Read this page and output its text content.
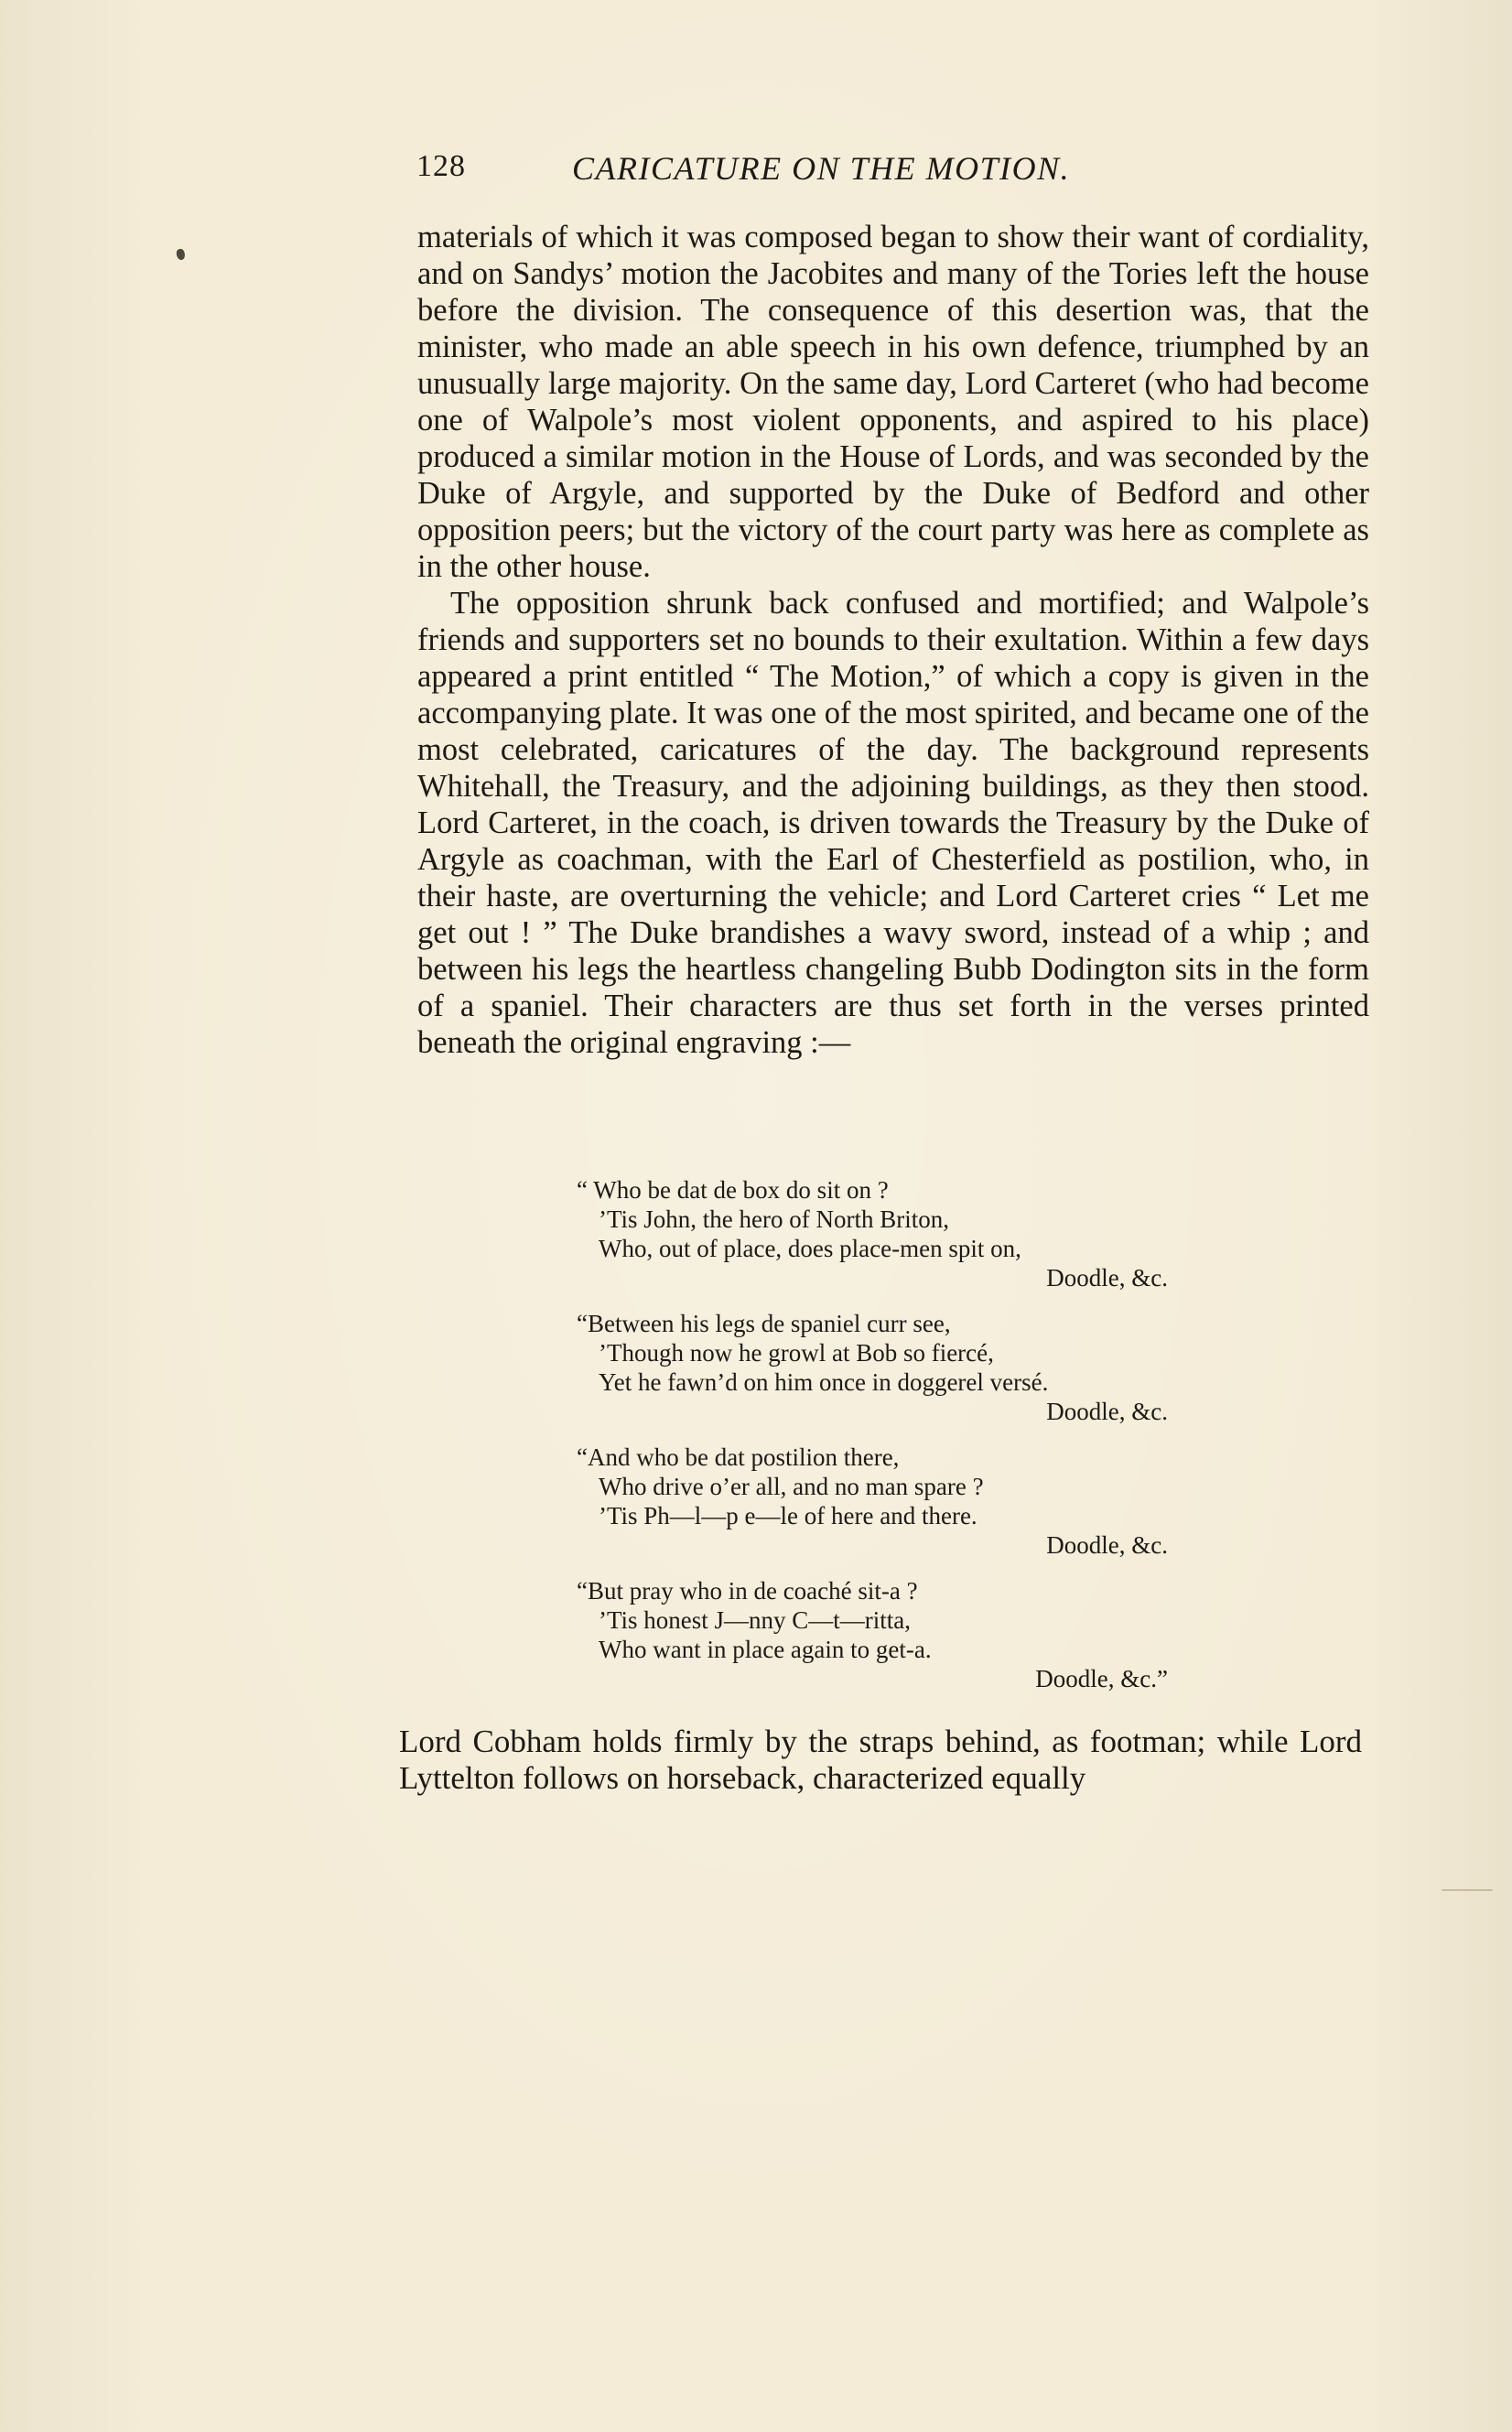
128	CARICATURE ON THE MOTION.

materials of which it was composed began to show their want of cordiality, and on Sandys’ motion the Jacobites and many of the Tories left the house before the division. The consequence of this desertion was, that the minister, who made an able speech in his own defence, triumphed by an unusually large majority. On the same day, Lord Carteret (who had become one of Walpole’s most violent opponents, and aspired to his place) produced a similar motion in the House of Lords, and was seconded by the Duke of Argyle, and supported by the Duke of Bedford and other opposition peers; but the victory of the court party was here as complete as in the other house.

The opposition shrunk back confused and mortified; and Walpole’s friends and supporters set no bounds to their exultation. Within a few days appeared a print entitled “ The Motion,” of which a copy is given in the accompanying plate. It was one of the most spirited, and became one of the most celebrated, caricatures of the day. The background represents Whitehall, the Treasury, and the adjoining buildings, as they then stood. Lord Carteret, in the coach, is driven towards the Treasury by the Duke of Argyle as coachman, with the Earl of Chesterfield as postilion, who, in their haste, are overturning the vehicle; and Lord Carteret cries “ Let me get out ! ” The Duke brandishes a wavy sword, instead of a whip ; and between his legs the heartless changeling Bubb Dodington sits in the form of a spaniel. Their characters are thus set forth in the verses printed beneath the original engraving :—

“ Who be dat de box do sit on ?
’Tis John, the hero of North Briton,
Who, out of place, does place-men spit on,
Doodle, &c.
“Between his legs de spaniel curr see,
’Though now he growl at Bob so fiercé,
Yet he fawn’d on him once in doggerel versé.
Doodle, &c.
“And who be dat postilion there,
Who drive o’er all, and no man spare ?
’Tis Ph—l—p e—le of here and there.
Doodle, &c.
“But pray who in de coaché sit-a ?
’Tis honest J—nny C—t—ritta,
Who want in place again to get-a.
Doodle, &c.”

Lord Cobham holds firmly by the straps behind, as footman; while Lord Lyttelton follows on horseback, characterized equally
